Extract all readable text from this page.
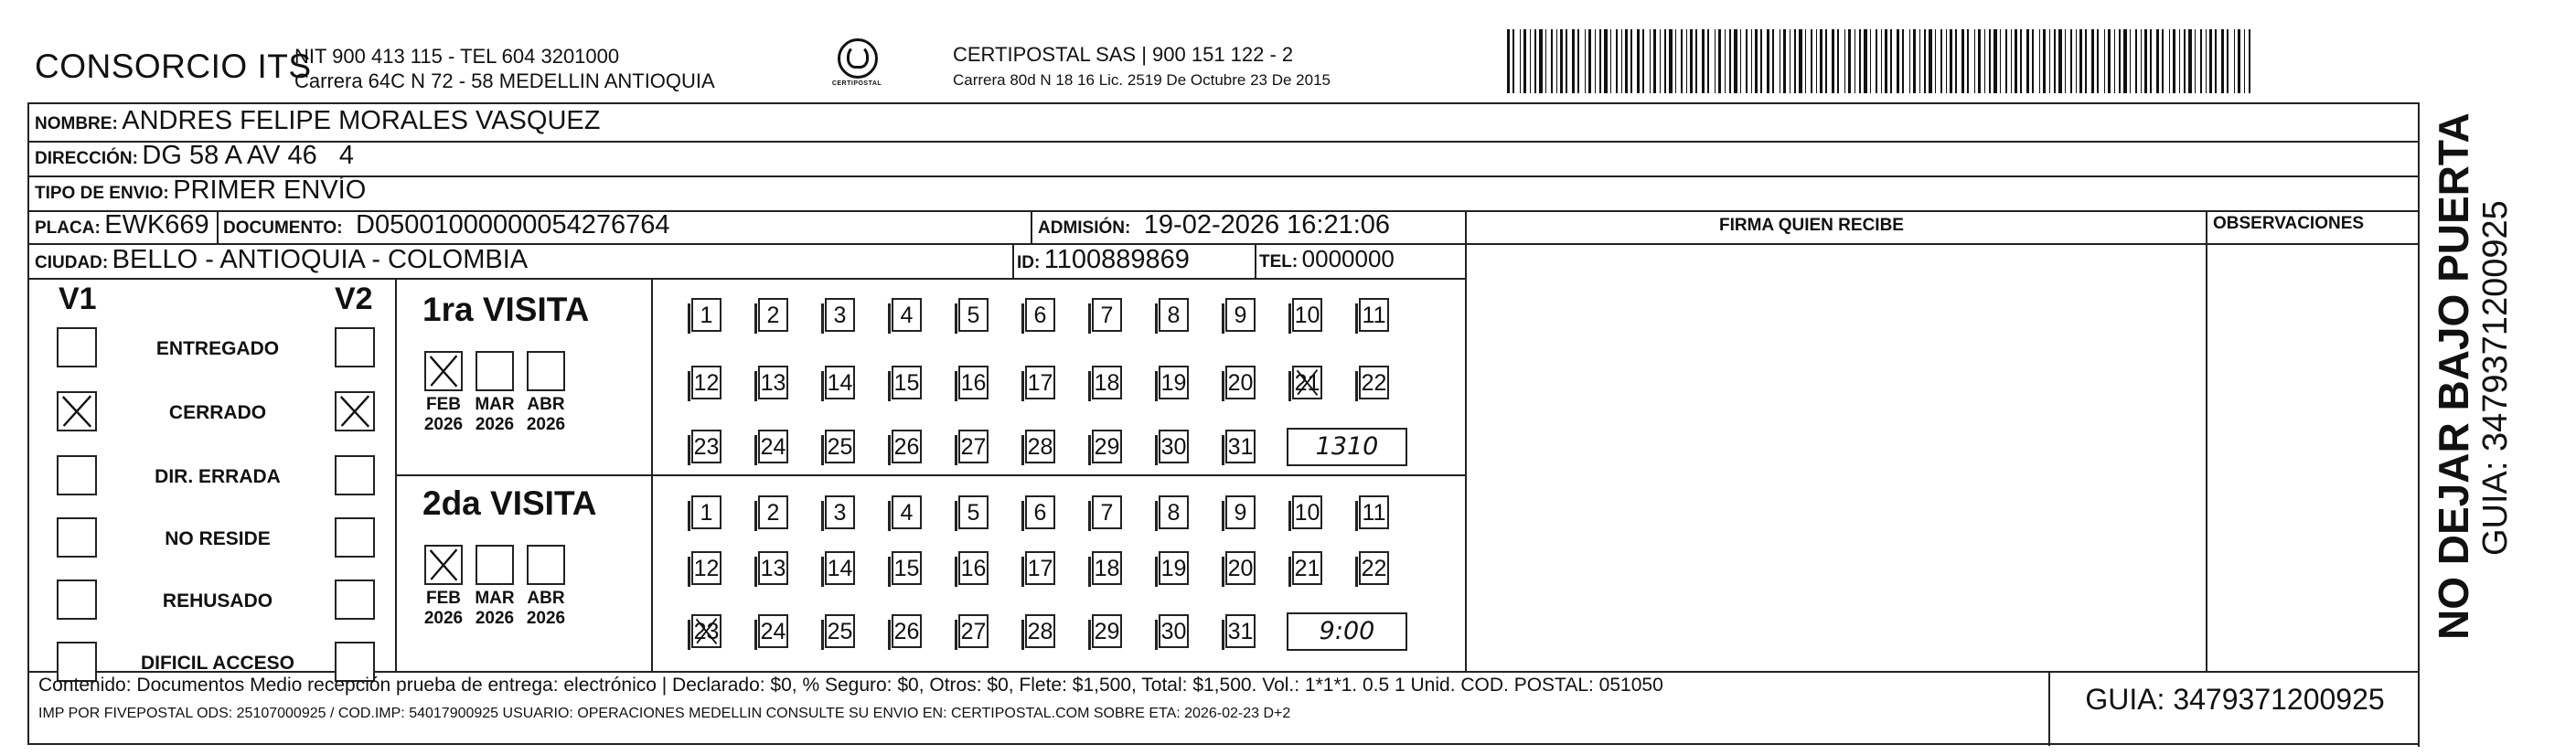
CONSORCIO ITS
NIT 900 413 115 - TEL 604 3201000
Carrera 64C N 72 - 58 MEDELLIN ANTIOQUIA	CERTIPOSTAL
CERTIPOSTAL SAS | 900 151 122 - 2
Carrera 80d N 18 16 Lic. 2519 De Octubre 23 De 2015
NOMBRE: ANDRES FELIPE MORALES VASQUEZ
DIRECCIÓN: DG 58 A AV 46   4
TIPO DE ENVIO: PRIMER ENVÍO
PLACA: EWK669 DOCUMENTO: D05001000000054276764	ADMISIÓN: 19-02-2026 16:21:06
CIUDAD: BELLO - ANTIOQUIA - COLOMBIA	ID: 1100889869	TEL: 0000000
FIRMA QUIEN RECIBE	OBSERVACIONES
V1	V2
ENTREGADO
CERRADO
DIR. ERRADA
NO RESIDE
REHUSADO
DIFICIL ACCESO
1ra VISITA
2da VISITA
FEB
2026
MAR
2026
ABR
2026
FEB
2026
MAR
2026
ABR
2026
1	2	3	4	5	6	7	8	9	10 11
12 13 14 15 16 17 18 19 20 21 22
23 24 25 26 27 28 29 30 31	1310
1	2	3	4	5	6	7	8	9	10 11
12 13 14 15 16 17 18 19 20 21 22
23 24 25 26 27 28 29 30 31	9:00
Contenido: Documentos Medio recepción prueba de entrega: electrónico | Declarado: $0, % Seguro: $0, Otros: $0, Flete: $1,500, Total: $1,500. Vol.: 1*1*1. 0.5 1 Unid. COD. POSTAL: 051050
IMP POR FIVEPOSTAL ODS: 25107000925 / COD.IMP: 54017900925 USUARIO: OPERACIONES MEDELLIN CONSULTE SU ENVIO EN: CERTIPOSTAL.COM SOBRE ETA: 2026-02-23 D+2	GUIA: 3479371200925
NO DEJAR BAJO PUERTA GUIA: 3479371200925
